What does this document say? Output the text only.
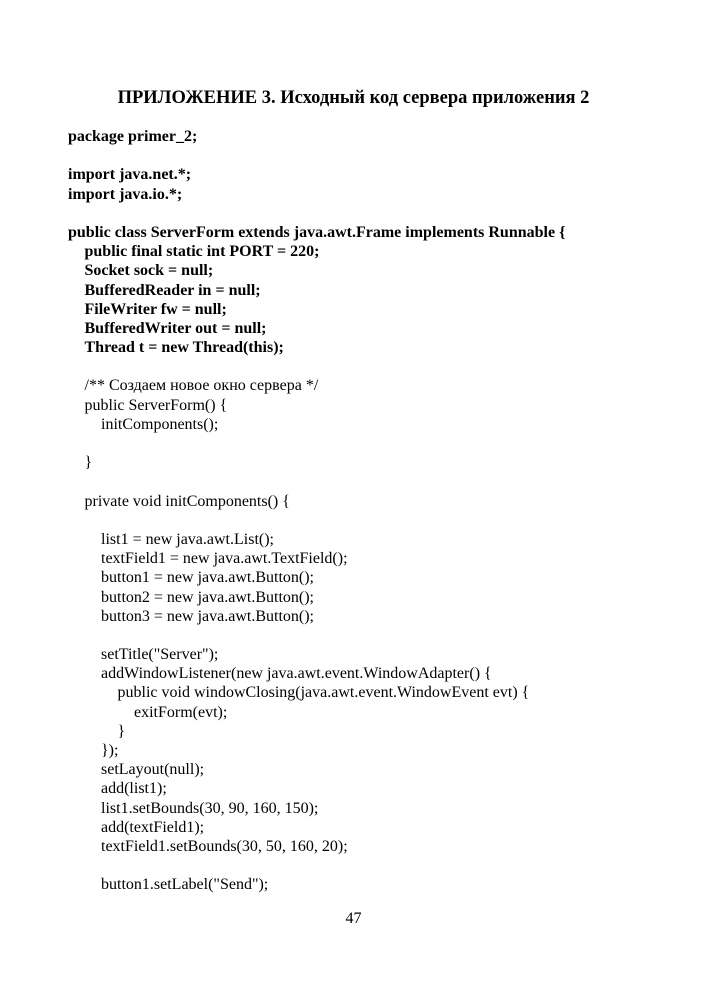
ПРИЛОЖЕНИЕ 3. Исходный код сервера приложения 2
package primer_2;
import java.net.*;
import java.io.*;
public class ServerForm extends java.awt.Frame implements Runnable {
public final static int PORT = 220;
Socket sock = null;
BufferedReader in = null;
FileWriter fw = null;
BufferedWriter out = null;
Thread t = new Thread(this);
/** Создаем новое окно сервера */
public ServerForm() {
initComponents();
}
private void initComponents() {
list1 = new java.awt.List();
textField1 = new java.awt.TextField();
button1 = new java.awt.Button();
button2 = new java.awt.Button();
button3 = new java.awt.Button();
setTitle("Server");
addWindowListener(new java.awt.event.WindowAdapter() {
public void windowClosing(java.awt.event.WindowEvent evt) {
exitForm(evt);
}
});
setLayout(null);
add(list1);
list1.setBounds(30, 90, 160, 150);
add(textField1);
textField1.setBounds(30, 50, 160, 20);
button1.setLabel("Send");
47
